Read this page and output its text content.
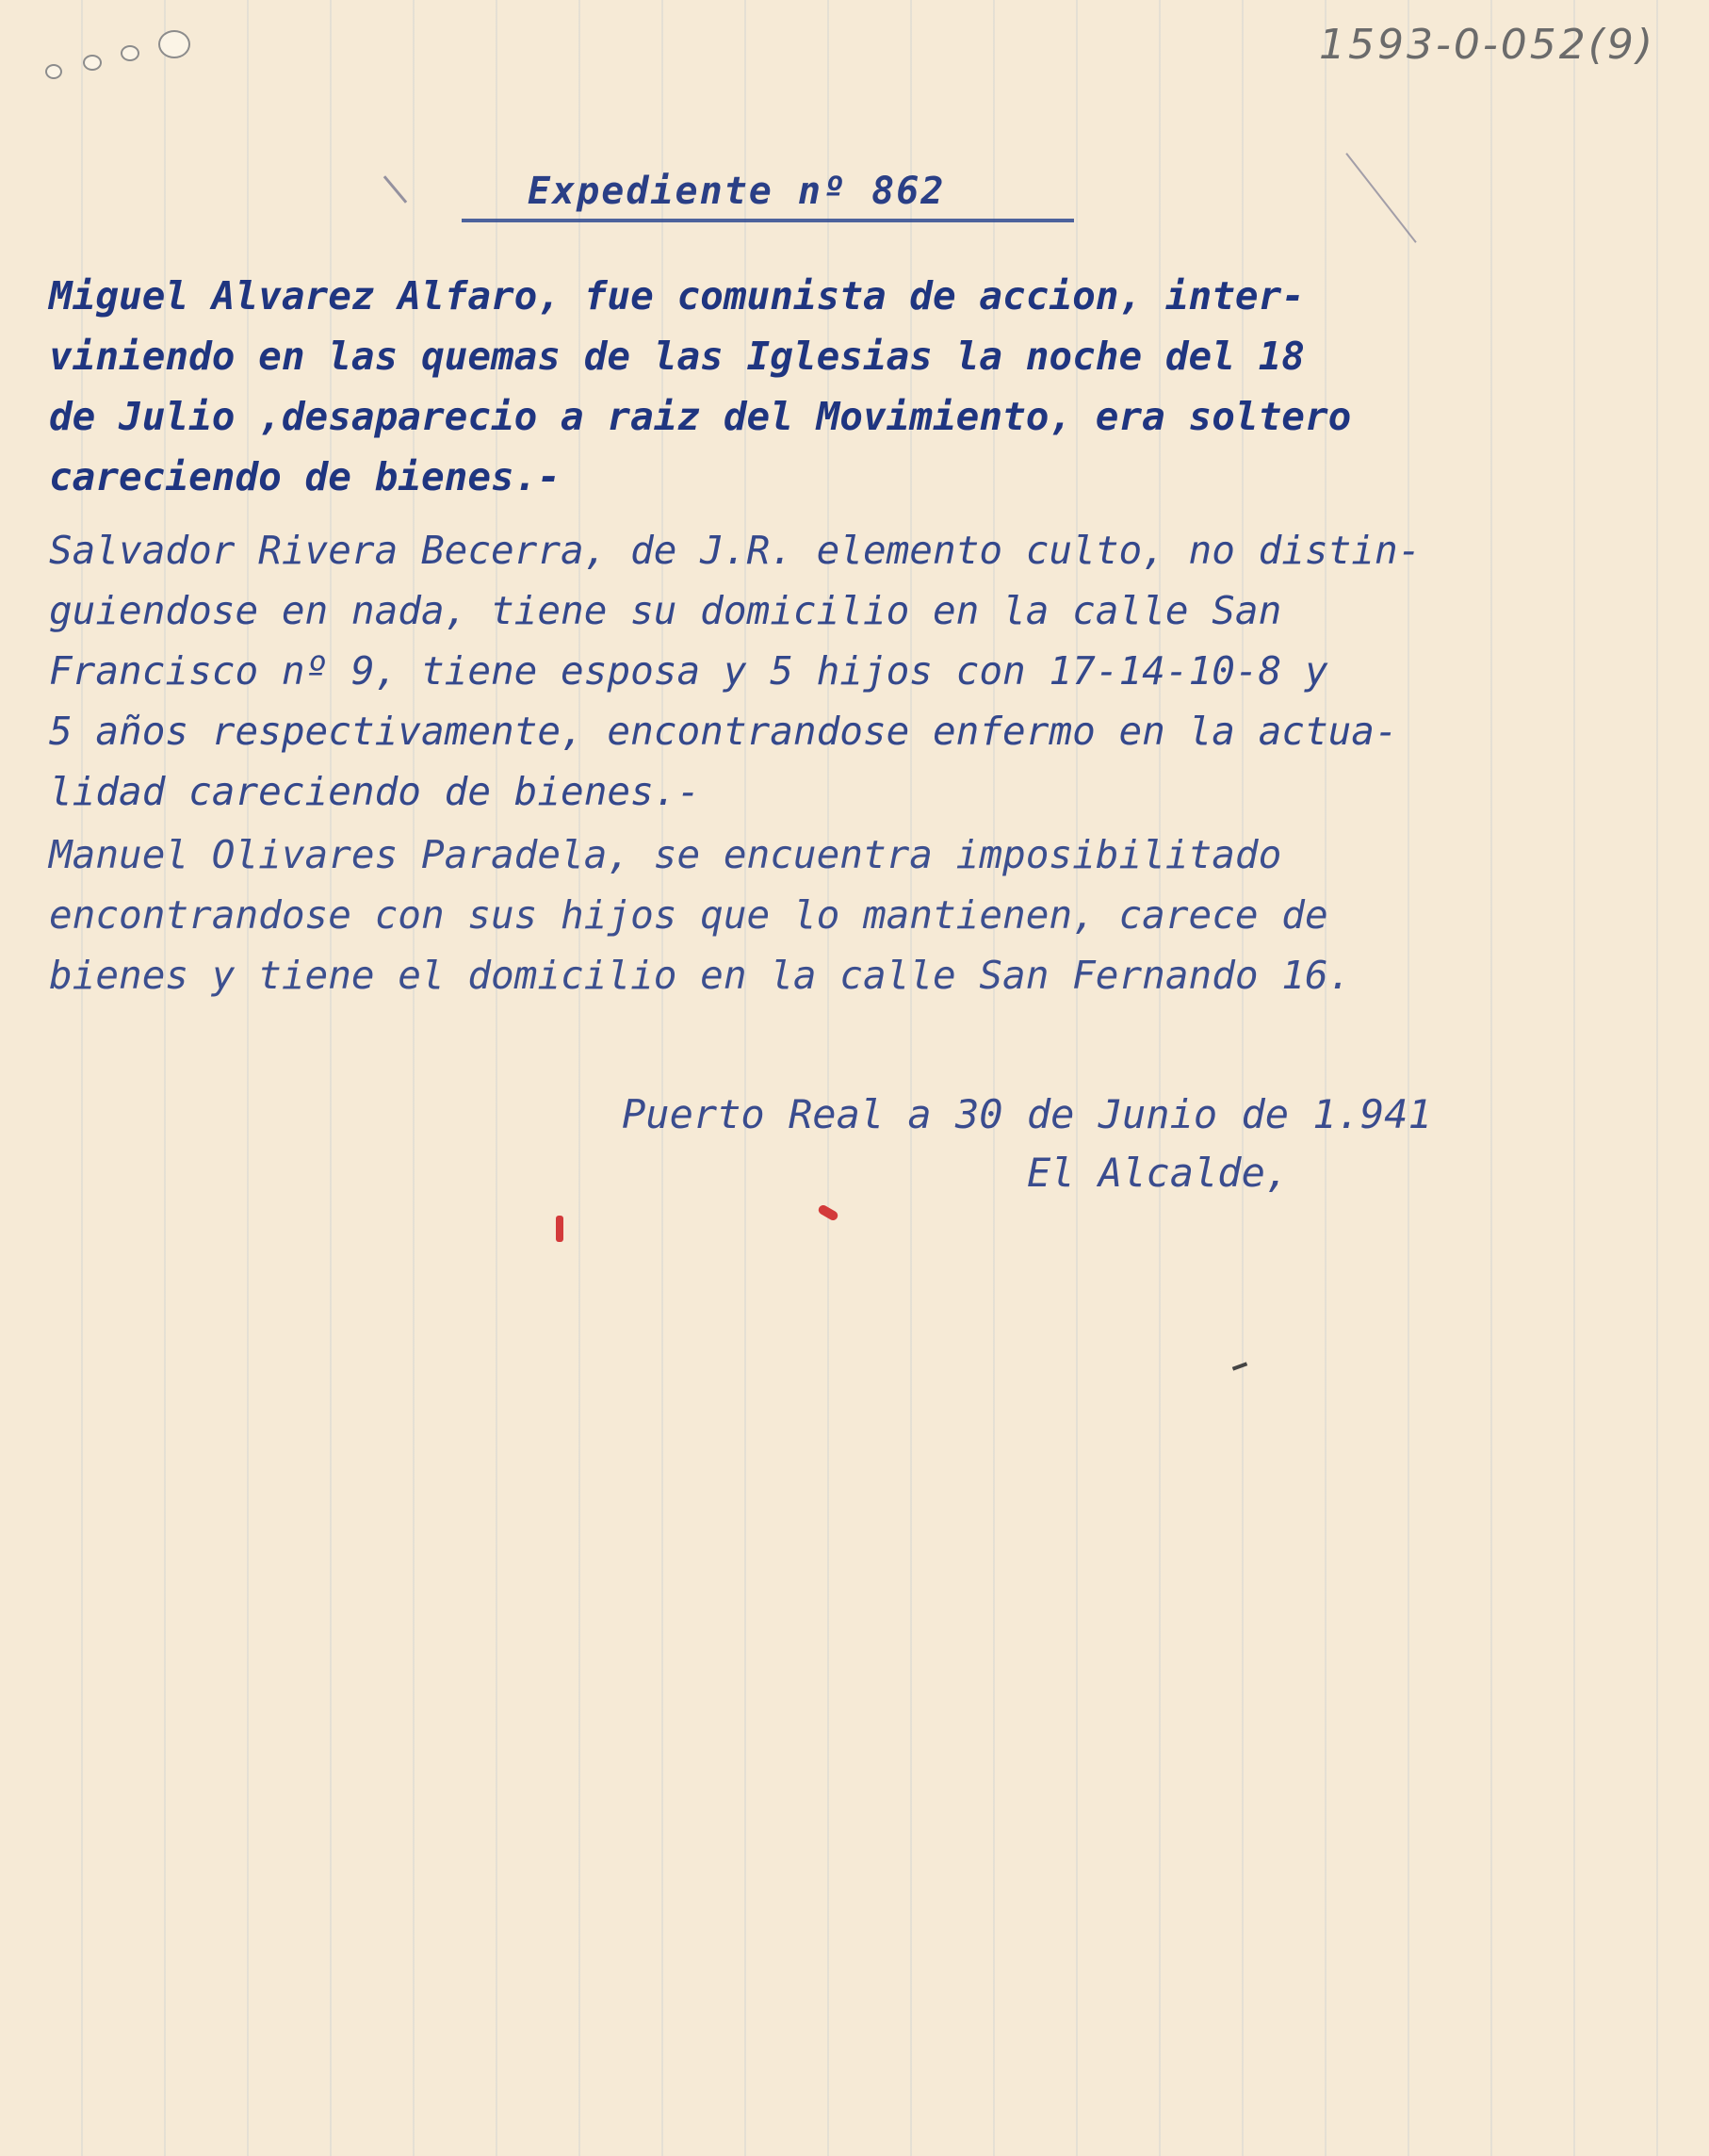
1593-0-052(9)
Expediente nº 862

Miguel Alvarez Alfaro, fue comunista de accion, inter-
viniendo en las quemas de las Iglesias la noche del 18
de Julio ,desaparecio a raiz del Movimiento, era soltero
careciendo de bienes.-

Salvador Rivera Becerra, de J.R. elemento culto, no distin-
guiendose en nada, tiene su domicilio en la calle San
Francisco nº 9, tiene esposa y 5 hijos con 17-14-10-8 y
5 años respectivamente, encontrandose enfermo en la actua-
lidad careciendo de bienes.-

Manuel Olivares Paradela, se encuentra imposibilitado
encontrandose con sus hijos que lo mantienen, carece de
bienes y tiene el domicilio en la calle San Fernando 16.

Puerto Real a 30 de Junio de 1.941

El Alcalde,
